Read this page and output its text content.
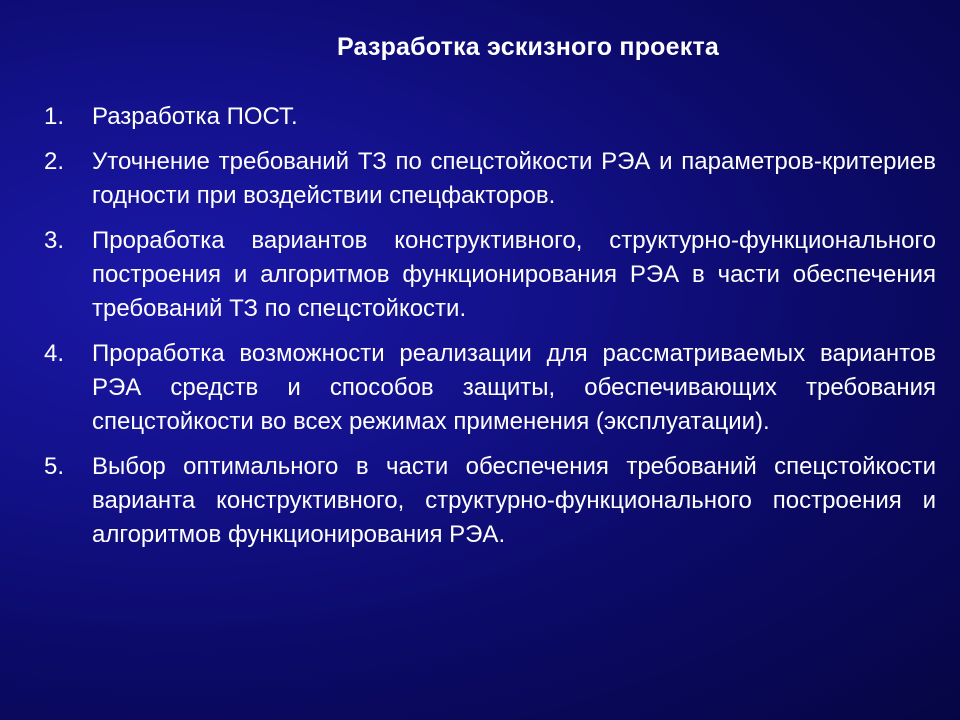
Разработка эскизного проекта
1. Разработка ПОСТ.
2. Уточнение требований ТЗ по спецстойкости РЭА и параметров-критериев годности при воздействии спецфакторов.
3. Проработка вариантов конструктивного, структурно-функционального построения и алгоритмов функционирования РЭА в части обеспечения требований ТЗ по спецстойкости.
4. Проработка возможности реализации для рассматриваемых вариантов РЭА средств и способов защиты, обеспечивающих требования спецстойкости во всех режимах применения (эксплуатации).
5. Выбор оптимального в части обеспечения требований спецстойкости варианта конструктивного, структурно-функционального построения и алгоритмов функционирования РЭА.
